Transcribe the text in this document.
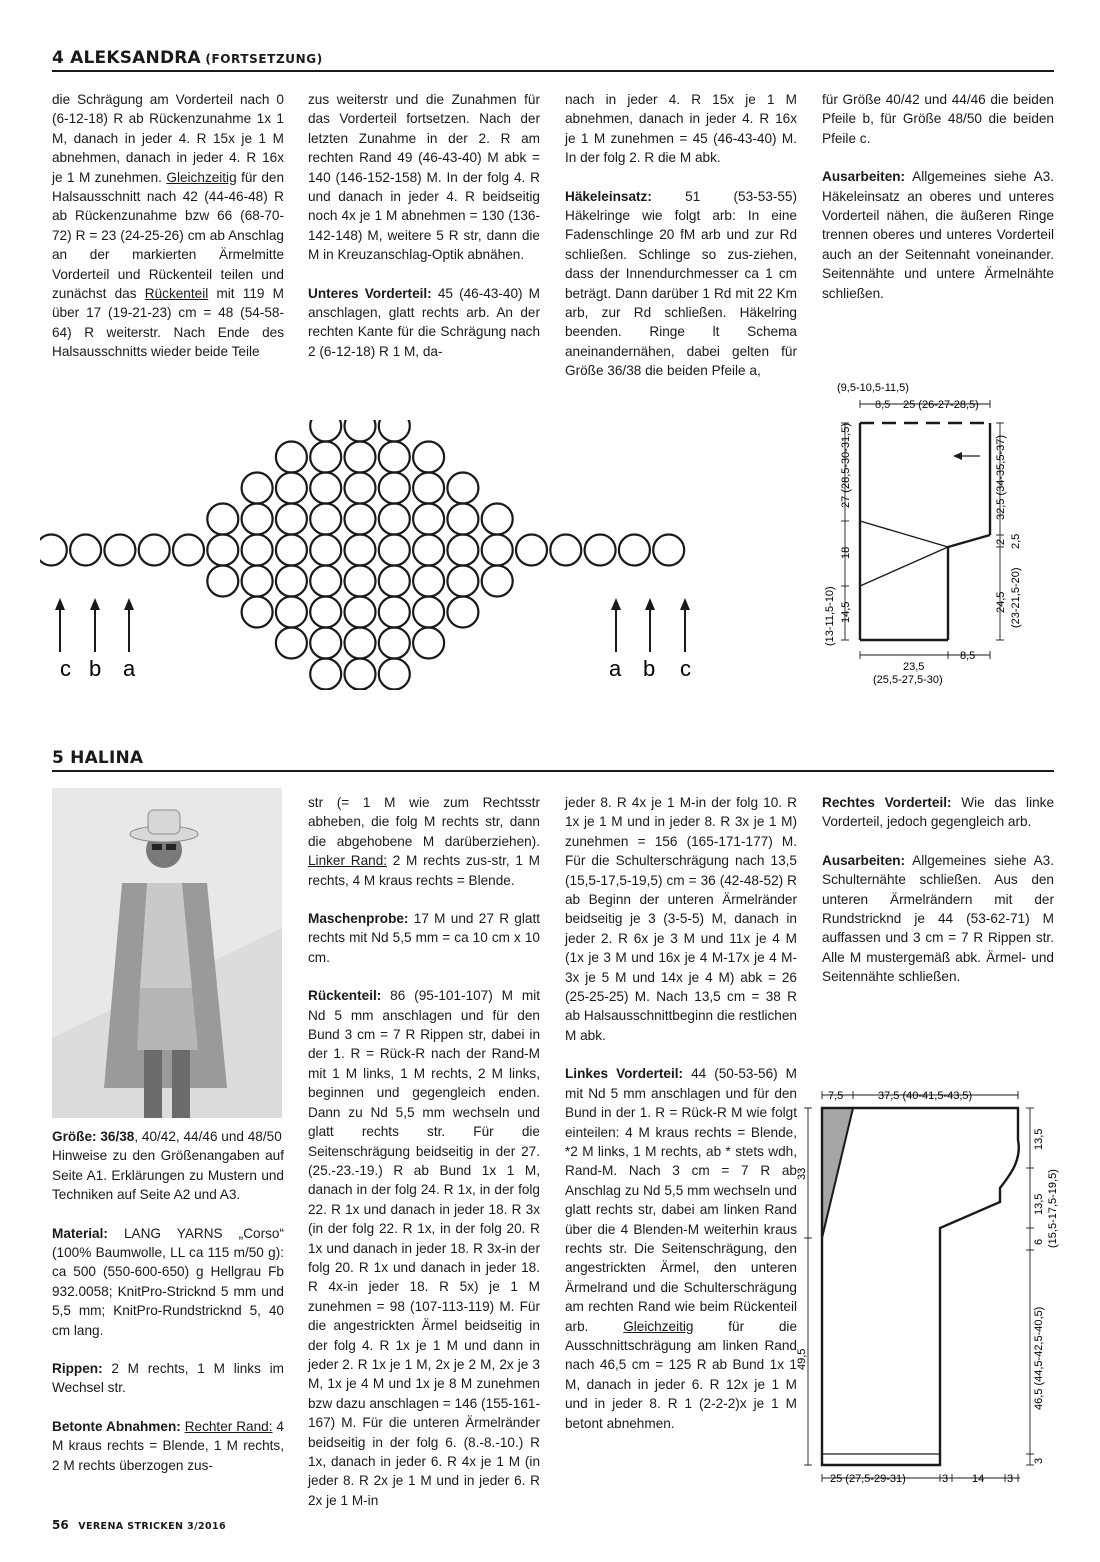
4 ALEKSANDRA (FORTSETZUNG)

die Schrägung am Vorderteil nach 0 (6-12-18) R ab Rückenzunahme 1x 1 M, danach in jeder 4. R 15x je 1 M abnehmen, danach in jeder 4. R 16x je 1 M zunehmen. Gleichzeitig für den Halsausschnitt nach 42 (44-46-48) R ab Rückenzunahme bzw 66 (68-70-72) R = 23 (24-25-26) cm ab Anschlag an der markierten Ärmelmitte Vorderteil und Rückenteil teilen und zunächst das Rückenteil mit 119 M über 17 (19-21-23) cm = 48 (54-58-64) R weiterstr. Nach Ende des Halsausschnitts wieder beide Teile

zus weiterstr und die Zunahmen für das Vorderteil fortsetzen. Nach der letzten Zunahme in der 2. R am rechten Rand 49 (46-43-40) M abk = 140 (146-152-158) M. In der folg 4. R und danach in jeder 4. R beidseitig noch 4x je 1 M abnehmen = 130 (136-142-148) M, weitere 5 R str, dann die M in Kreuzanschlag-Optik abnähen.

Unteres Vorderteil: 45 (46-43-40) M anschlagen, glatt rechts arb. An der rechten Kante für die Schrägung nach 2 (6-12-18) R 1 M, da-

nach in jeder 4. R 15x je 1 M abnehmen, danach in jeder 4. R 16x je 1 M zunehmen = 45 (46-43-40) M. In der folg 2. R die M abk.

Häkeleinsatz: 51 (53-53-55) Häkelringe wie folgt arb: In eine Fadenschlinge 20 fM arb und zur Rd schließen. Schlinge so zus-ziehen, dass der Innendurchmesser ca 1 cm beträgt. Dann darüber 1 Rd mit 22 Km arb, zur Rd schließen. Häkelring beenden. Ringe lt Schema aneinandernähen, dabei gelten für Größe 36/38 die beiden Pfeile a,

für Größe 40/42 und 44/46 die beiden Pfeile b, für Größe 48/50 die beiden Pfeile c.

Ausarbeiten: Allgemeines siehe A3. Häkeleinsatz an oberes und unteres Vorderteil nähen, die äußeren Ringe trennen oberes und unteres Vorderteil auch an der Seitennaht voneinander. Seitennähte und untere Ärmelnähte schließen.

c b a	a b c
(9,5-10,5-11,5)
8,5 25 (26-27-28,5)
23,5
8,5
(25,5-27,5-30)
27 (28,5-30-31,5)
18
14,5
(13-11,5-10)
32,5 (34-35,5-37)
2 2,5
24,5 (23-21,5-20)
5 HALINA

Größe: 36/38, 40/42, 44/46 und 48/50
Hinweise zu den Größenangaben auf Seite A1. Erklärungen zu Mustern und Techniken auf Seite A2 und A3.

Material: LANG YARNS „Corso“ (100% Baumwolle, LL ca 115 m/50 g): ca 500 (550-600-650) g Hellgrau Fb 932.0058; KnitPro-Stricknd 5 mm und 5,5 mm; KnitPro-Rundstricknd 5, 40 cm lang.

Rippen: 2 M rechts, 1 M links im Wechsel str.

Betonte Abnahmen: Rechter Rand: 4 M kraus rechts = Blende, 1 M rechts, 2 M rechts überzogen zus-

str (= 1 M wie zum Rechtsstr abheben, die folg M rechts str, dann die abgehobene M darüberziehen). Linker Rand: 2 M rechts zus-str, 1 M rechts, 4 M kraus rechts = Blende.

Maschenprobe: 17 M und 27 R glatt rechts mit Nd 5,5 mm = ca 10 cm x 10 cm.

Rückenteil: 86 (95-101-107) M mit Nd 5 mm anschlagen und für den Bund 3 cm = 7 R Rippen str, dabei in der 1. R = Rück-R nach der Rand-M mit 1 M links, 1 M rechts, 2 M links, beginnen und gegengleich enden. Dann zu Nd 5,5 mm wechseln und glatt rechts str. Für die Seitenschrägung beidseitig in der 27. (25.-23.-19.) R ab Bund 1x 1 M, danach in der folg 24. R 1x, in der folg 22. R 1x und danach in jeder 18. R 3x (in der folg 22. R 1x, in der folg 20. R 1x und danach in jeder 18. R 3x-in der folg 20. R 1x und danach in jeder 18. R 4x-in jeder 18. R 5x) je 1 M zunehmen = 98 (107-113-119) M. Für die angestrickten Ärmel beidseitig in der folg 4. R 1x je 1 M und dann in jeder 2. R 1x je 1 M, 2x je 2 M, 2x je 3 M, 1x je 4 M und 1x je 8 M zunehmen bzw dazu anschlagen = 146 (155-161-167) M. Für die unteren Ärmelränder beidseitig in der folg 6. (8.-8.-10.) R 1x, danach in jeder 6. R 4x je 1 M (in jeder 8. R 2x je 1 M und in jeder 6. R 2x je 1 M-in

jeder 8. R 4x je 1 M-in der folg 10. R 1x je 1 M und in jeder 8. R 3x je 1 M) zunehmen = 156 (165-171-177) M. Für die Schulterschrägung nach 13,5 (15,5-17,5-19,5) cm = 36 (42-48-52) R ab Beginn der unteren Ärmelränder beidseitig je 3 (3-5-5) M, danach in jeder 2. R 6x je 3 M und 11x je 4 M (1x je 3 M und 16x je 4 M-17x je 4 M-3x je 5 M und 14x je 4 M) abk = 26 (25-25-25) M. Nach 13,5 cm = 38 R ab Halsausschnittbeginn die restlichen M abk.

Linkes Vorderteil: 44 (50-53-56) M mit Nd 5 mm anschlagen und für den Bund in der 1. R = Rück-R M wie folgt einteilen: 4 M kraus rechts = Blende, *2 M links, 1 M rechts, ab * stets wdh, Rand-M. Nach 3 cm = 7 R ab Anschlag zu Nd 5,5 mm wechseln und glatt rechts str, dabei am linken Rand über die 4 Blenden-M weiterhin kraus rechts str. Die Seitenschrägung, den angestrickten Ärmel, den unteren Ärmelrand und die Schulterschrägung am rechten Rand wie beim Rückenteil arb.	Gleichzeitig	für die Ausschnittschrägung am linken Rand nach 46,5 cm = 125 R ab Bund 1x 1 M, danach in jeder 6. R 12x je 1 M und in jeder 8. R 1 (2-2-2)x je 1 M betont abnehmen.

Rechtes Vorderteil: Wie das linke Vorderteil, jedoch gegengleich arb.

Ausarbeiten: Allgemeines siehe A3. Schulternähte schließen. Aus den unteren Ärmelrändern mit der Rundstricknd je 44 (53-62-71) M auffassen und 3 cm = 7 R Rippen str. Alle M mustergemäß abk. Ärmel- und Seitennähte schließen.

7,5	37,5 (40-41,5-43,5)
33
49,5
13,5
13,5 (15,5-17,5-19,5)
6
46,5 (44,5-42,5-40,5)
3
25 (27,5-29-31)	3 14 3
56 VERENA STRICKEN 3/2016
